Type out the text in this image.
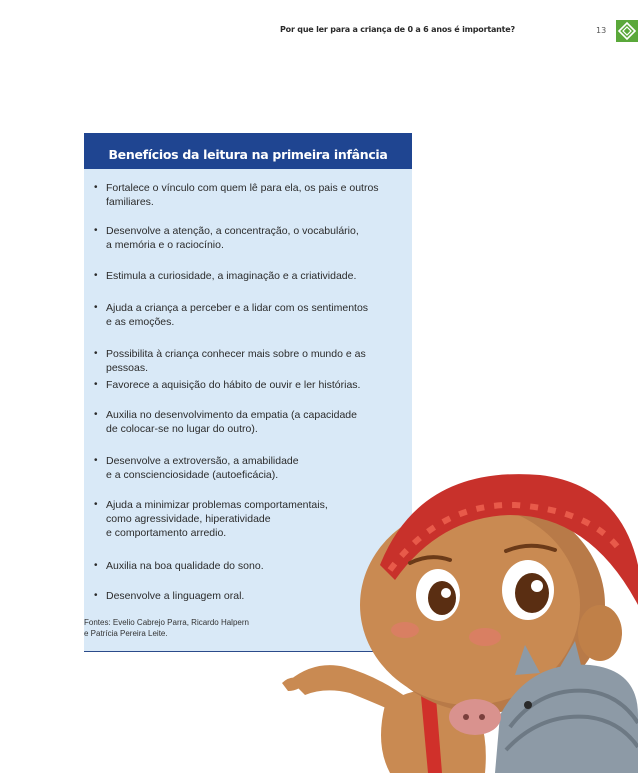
Por que ler para a criança de 0 a 6 anos é importante?	13
Benefícios da leitura na primeira infância
• Fortalece o vínculo com quem lê para ela, os pais e outros
familiares.
• Desenvolve a atenção, a concentração, o vocabulário,
a memória e o raciocínio.
• Estimula a curiosidade, a imaginação e a criatividade.
• Ajuda a criança a perceber e a lidar com os sentimentos
e as emoções.
• Possibilita à criança conhecer mais sobre o mundo e as pessoas.
• Favorece a aquisição do hábito de ouvir e ler histórias.
• Auxilia no desenvolvimento da empatia (a capacidade
de colocar-se no lugar do outro).
• Desenvolve a extroversão, a amabilidade
e a conscienciosidade (autoeficácia).
• Ajuda a minimizar problemas comportamentais,
como agressividade, hiperatividade
e comportamento arredio.
• Auxilia na boa qualidade do sono.
• Desenvolve a linguagem oral.
Fontes: Evelio Cabrejo Parra, Ricardo Halpern
e Patrícia Pereira Leite.
